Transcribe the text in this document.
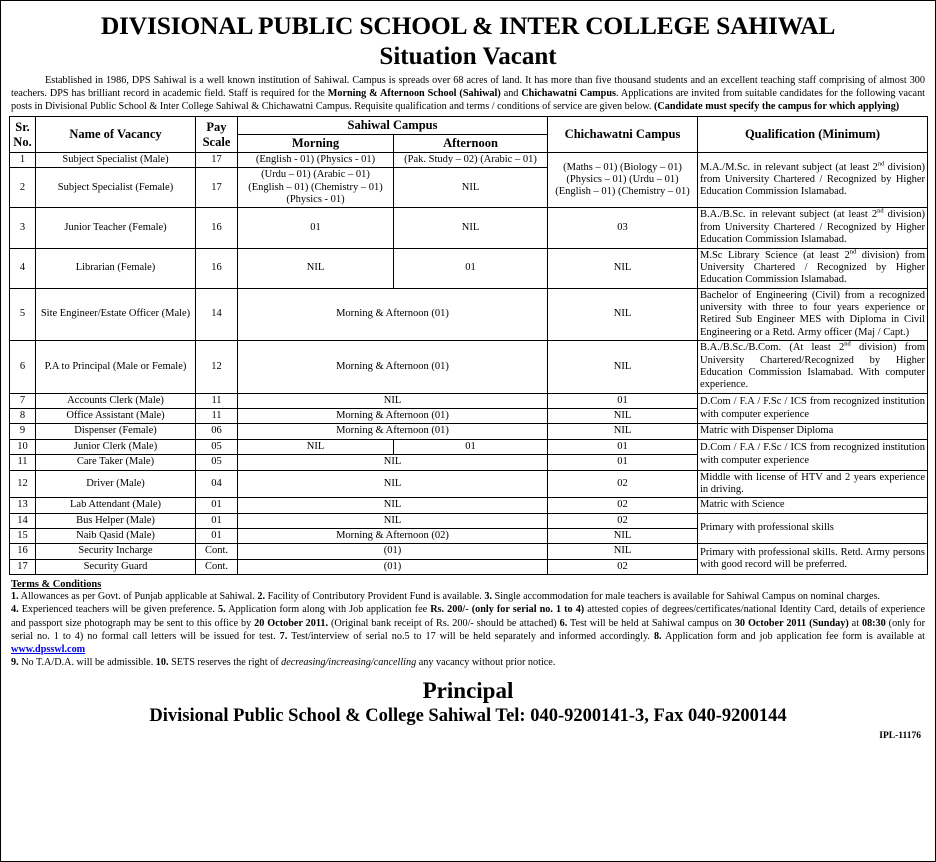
DIVISIONAL PUBLIC SCHOOL & INTER COLLEGE SAHIWAL
Situation Vacant

Established in 1986, DPS Sahiwal is a well known institution of Sahiwal. Campus is spreads over 68 acres of land. It has more than five thousand students and an excellent teaching staff comprising of almost 300 teachers. DPS has brilliant record in academic field. Staff is required for the Morning & Afternoon School (Sahiwal) and Chichawatni Campus. Applications are invited from suitable candidates for the following vacant posts in Divisional Public School & Inter College Sahiwal & Chichawatni Campus. Requisite qualification and terms / conditions of service are given below. (Candidate must specify the campus for which applying)

Sr.
No.	Name of Vacancy	Pay
Scale	Sahiwal Campus		Chichawatni Campus	Qualification (Minimum)
			Morning	Afternoon		
1	Subject Specialist (Male)	17	(English - 01) (Physics - 01)	(Pak. Study – 02) (Arabic – 01)	(Maths – 01) (Biology – 01)
(Physics – 01) (Urdu – 01)
(English – 01) (Chemistry – 01)	M.A./M.Sc. in relevant subject (at least 2nd division) from University Chartered / Recognized by Higher Education Commission Islamabad.
2	Subject Specialist (Female)	17	(Urdu – 01) (Arabic – 01)
(English – 01) (Chemistry – 01)
(Physics - 01)	NIL		
3	Junior Teacher (Female)	16	01	NIL	03	B.A./B.Sc. in relevant subject (at least 2nd division) from University Chartered / Recognized by Higher Education Commission Islamabad.
4	Librarian (Female)	16	NIL	01	NIL	M.Sc Library Science (at least 2nd division) from University Chartered / Recognized by Higher Education Commission Islamabad.
5	Site Engineer/Estate Officer (Male)	14	Morning & Afternoon (01)		NIL	Bachelor of Engineering (Civil) from a recognized university with three to four years experience or Retired Sub Engineer MES with Diploma in Civil Engineering or a Retd. Army officer (Maj / Capt.)
6	P.A to Principal (Male or Female)	12	Morning & Afternoon (01)		NIL	B.A./B.Sc./B.Com. (At least 2nd division) from University Chartered/Recognized by Higher Education Commission Islamabad. With computer experience.
7	Accounts Clerk (Male)	11	NIL		01	D.Com / F.A / F.Sc / ICS from recognized institution with computer experience
8	Office Assistant (Male)	11	Morning & Afternoon (01)		NIL	
9	Dispenser (Female)	06	Morning & Afternoon (01)		NIL	Matric with Dispenser Diploma
10	Junior Clerk (Male)	05	NIL	01	01	D.Com / F.A / F.Sc / ICS from recognized institution with computer experience
11	Care Taker (Male)	05	NIL		01	
12	Driver (Male)	04	NIL		02	Middle with license of HTV and 2 years experience in driving.
13	Lab Attendant (Male)	01	NIL		02	Matric with Science
14	Bus Helper (Male)	01	NIL		02	Primary with professional skills
15	Naib Qasid (Male)	01	Morning & Afternoon (02)		NIL	
16	Security Incharge	Cont.	(01)		NIL	Primary with professional skills. Retd. Army persons with good record will be preferred.
17	Security Guard	Cont.	(01)		02	
Terms & Conditions

1. Allowances as per Govt. of Punjab applicable at Sahiwal. 2. Facility of Contributory Provident Fund is available. 3. Single accommodation for male teachers is available for Sahiwal Campus on nominal charges.

4. Experienced teachers will be given preference. 5. Application form along with Job application fee Rs. 200/- (only for serial no. 1 to 4) attested copies of degrees/certificates/national Identity Card, details of experience and passport size photograph may be sent to this office by 20 October 2011. (Original bank receipt of Rs. 200/- should be attached) 6. Test will be held at Sahiwal campus on 30 October 2011 (Sunday) at 08:30 (only for serial no. 1 to 4) no formal call letters will be issued for test. 7. Test/interview of serial no.5 to 17 will be held separately and informed accordingly. 8. Application form and job application fee form is available at www.dpsswl.com

9. No T.A/D.A. will be admissible. 10. SETS reserves the right of decreasing/increasing/cancelling any vacancy without prior notice.

Principal
Divisional Public School & College Sahiwal Tel: 040-9200141-3, Fax 040-9200144
IPL-11176
